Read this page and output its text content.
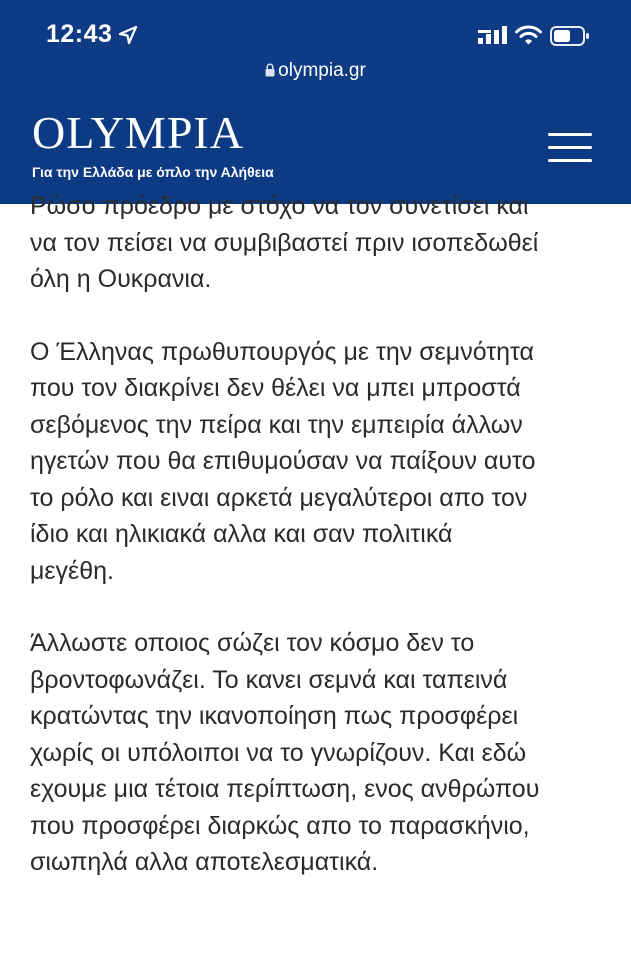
12:43
olympia.gr
OLYMPIA
Για την Ελλάδα με όπλο την Αλήθεια

Ρώσο πρόεδρο με στόχο να τον συνετίσει και
να τον πείσει να συμβιβαστεί πριν ισοπεδωθεί
όλη η Ουκρανια.

Ο Έλληνας πρωθυπουργός με την σεμνότητα
που τον διακρίνει δεν θέλει να μπει μπροστά
σεβόμενος την πείρα και την εμπειρία άλλων
ηγετών που θα επιθυμούσαν να παίξουν αυτο
το ρόλο και ειναι αρκετά μεγαλύτεροι απο τον
ίδιο και ηλικιακά αλλα και σαν πολιτικά
μεγέθη.

Άλλωστε οποιος σώζει τον κόσμο δεν το
βροντοφωνάζει. Το κανει σεμνά και ταπεινά
κρατώντας την ικανοποίηση πως προσφέρει
χωρίς οι υπόλοιποι να το γνωρίζουν. Και εδώ
εχουμε μια τέτοια περίπτωση, ενος ανθρώπου
που προσφέρει διαρκώς απο το παρασκήνιο,
σιωπηλά αλλα αποτελεσματικά.
